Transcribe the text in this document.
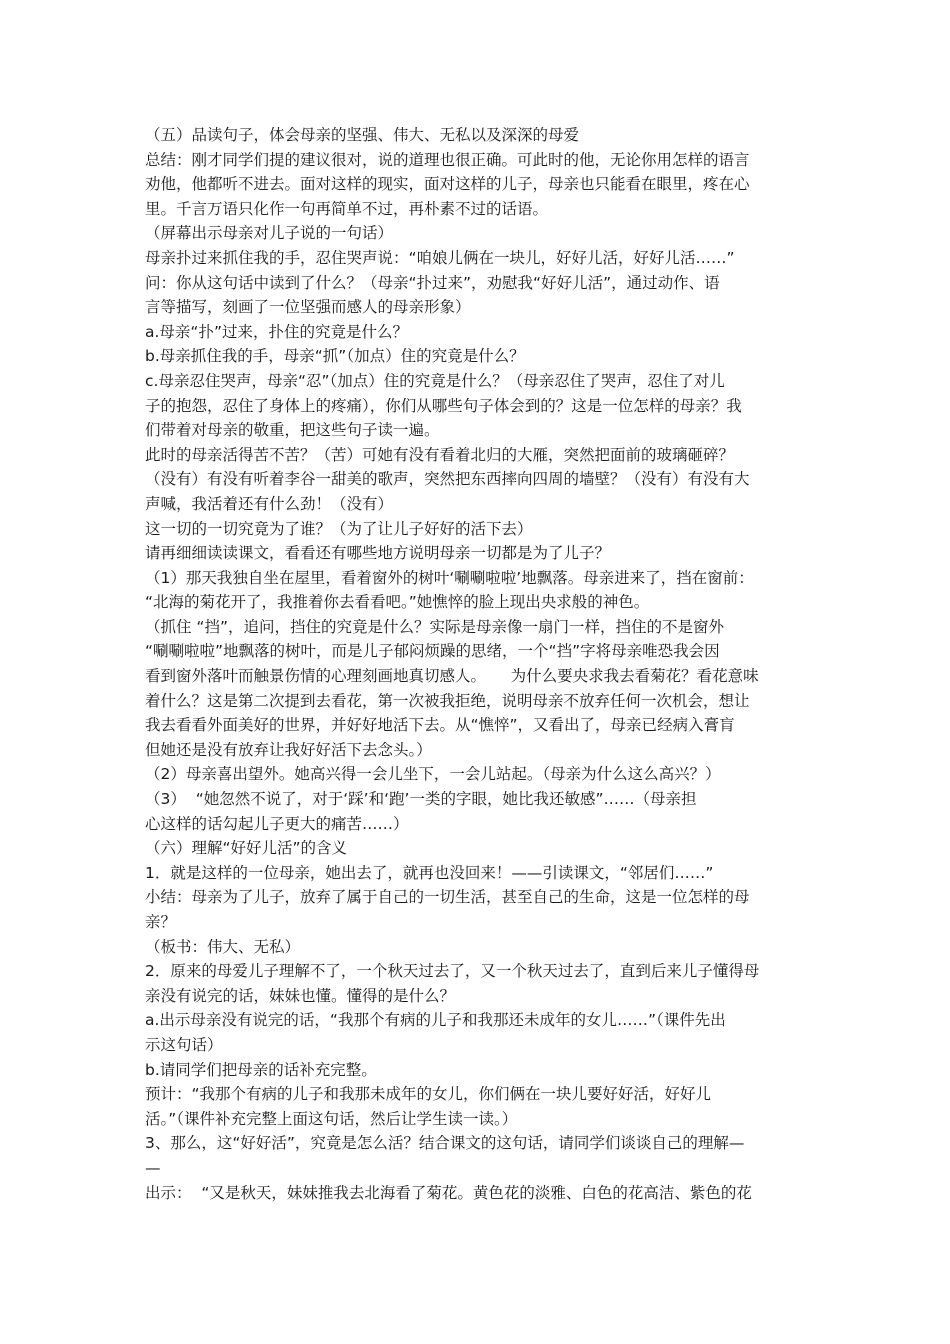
（五）品读句子，体会母亲的坚强、伟大、无私以及深深的母爱
总结：刚才同学们提的建议很对，说的道理也很正确。可此时的他，无论你用怎样的语言
劝他，他都听不进去。面对这样的现实，面对这样的儿子，母亲也只能看在眼里，疼在心
里。千言万语只化作一句再简单不过，再朴素不过的话语。
（屏幕出示母亲对儿子说的一句话）
母亲扑过来抓住我的手，忍住哭声说：“咱娘儿俩在一块儿，好好儿活，好好儿活……”
问：你从这句话中读到了什么？（母亲“扑过来”，劝慰我“好好儿活”，通过动作、语
言等描写，刻画了一位坚强而感人的母亲形象）
a.母亲“扑”过来，扑住的究竟是什么？
b.母亲抓住我的手，母亲“抓”（加点）住的究竟是什么？
c.母亲忍住哭声，母亲“忍”（加点）住的究竟是什么？（母亲忍住了哭声，忍住了对儿
子的抱怨，忍住了身体上的疼痛），你们从哪些句子体会到的？这是一位怎样的母亲？我
们带着对母亲的敬重，把这些句子读一遍。
此时的母亲活得苦不苦？（苦）可她有没有看着北归的大雁，突然把面前的玻璃砸碎？
（没有）有没有听着李谷一甜美的歌声，突然把东西摔向四周的墙壁？（没有）有没有大
声喊，我活着还有什么劲！（没有）
这一切的一切究竟为了谁？（为了让儿子好好的活下去）
请再细细读读课文，看看还有哪些地方说明母亲一切都是为了儿子？
（1）那天我独自坐在屋里，看着窗外的树叶‘唰唰啦啦’地飘落。母亲进来了，挡在窗前：
“北海的菊花开了，我推着你去看看吧。”她憔悴的脸上现出央求般的神色。
（抓住 “挡”，追问，挡住的究竟是什么？实际是母亲像一扇门一样，挡住的不是窗外
“唰唰啦啦”地飘落的树叶，而是儿子郁闷烦躁的思绪，一个“挡”字将母亲唯恐我会因
看到窗外落叶而触景伤情的心理刻画地真切感人。     为什么要央求我去看菊花？看花意味
着什么？这是第二次提到去看花，第一次被我拒绝，说明母亲不放弃任何一次机会，想让
我去看看外面美好的世界，并好好地活下去。从“憔悴”，又看出了，母亲已经病入膏肓
但她还是没有放弃让我好好活下去念头。）
（2）母亲喜出望外。她高兴得一会儿坐下，一会儿站起。（母亲为什么这么高兴？）
（3）  “她忽然不说了，对于‘踩’和‘跑’一类的字眼，她比我还敏感”……（母亲担
心这样的话勾起儿子更大的痛苦……）
（六）理解“好好儿活”的含义
1．就是这样的一位母亲，她出去了，就再也没回来！——引读课文，“邻居们……”
小结：母亲为了儿子，放弃了属于自己的一切生活，甚至自己的生命，这是一位怎样的母
亲？
（板书：伟大、无私）
2．原来的母爱儿子理解不了，一个秋天过去了，又一个秋天过去了，直到后来儿子懂得母
亲没有说完的话，妹妹也懂。懂得的是什么？
a.出示母亲没有说完的话，“我那个有病的儿子和我那还未成年的女儿……”（课件先出
示这句话）
b.请同学们把母亲的话补充完整。
预计：“我那个有病的儿子和我那未成年的女儿，你们俩在一块儿要好好活，好好儿
活。”（课件补充完整上面这句话，然后让学生读一读。）
3、那么，这“好好活”，究竟是怎么活？结合课文的这句话，请同学们谈谈自己的理解—
—
出示：  “又是秋天，妹妹推我去北海看了菊花。黄色花的淡雅、白色的花高洁、紫色的花
